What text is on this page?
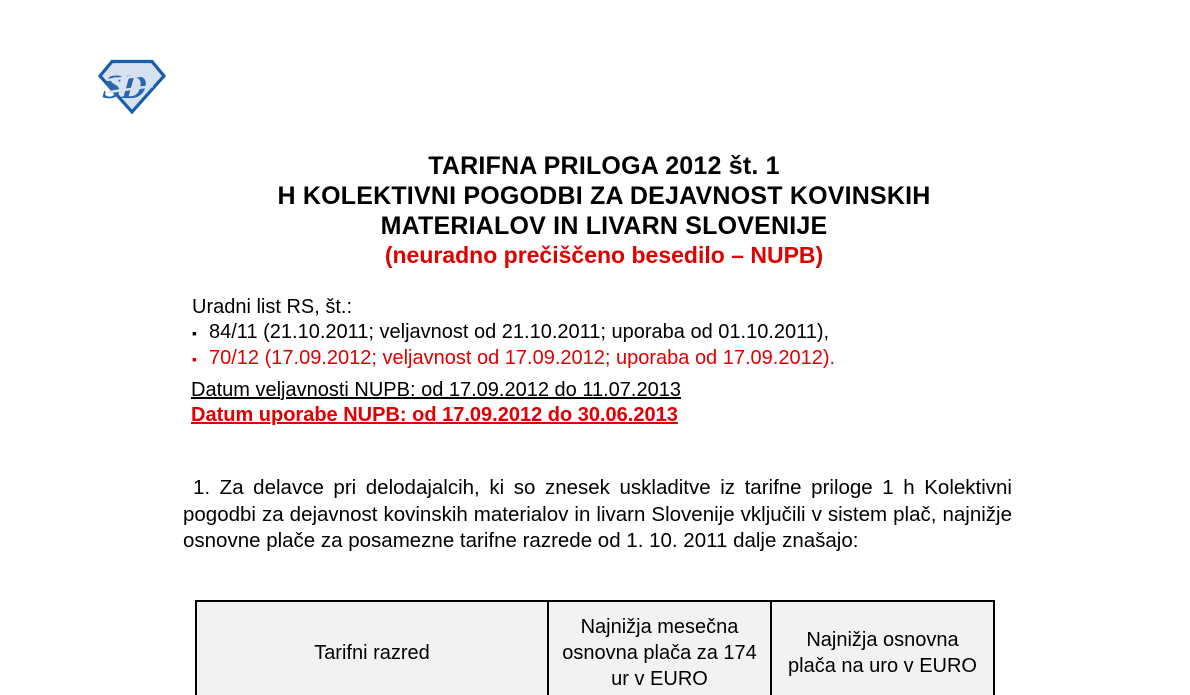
SD
TARIFNA PRILOGA 2012 št. 1
H KOLEKTIVNI POGODBI ZA DEJAVNOST KOVINSKIH
MATERIALOV IN LIVARN SLOVENIJE
(neuradno prečiščeno besedilo – NUPB)
Uradni list RS, št.:
▪ 84/11 (21.10.2011; veljavnost od 21.10.2011; uporaba od 01.10.2011),
▪ 70/12 (17.09.2012; veljavnost od 17.09.2012; uporaba od 17.09.2012).
Datum veljavnosti NUPB: od 17.09.2012 do 11.07.2013
Datum uporabe NUPB: od 17.09.2012 do 30.06.2013
1. Za delavce pri delodajalcih, ki so znesek uskladitve iz tarifne priloge 1 h Kolektivni pogodbi za dejavnost kovinskih materialov in livarn Slovenije vključili v sistem plač, najnižje osnovne plače za posamezne tarifne razrede od 1. 10. 2011 dalje znašajo:
Tarifni razred	Najnižja mesečna osnovna plača za 174 ur v EURO	Najnižja osnovna plača na uro v EURO
